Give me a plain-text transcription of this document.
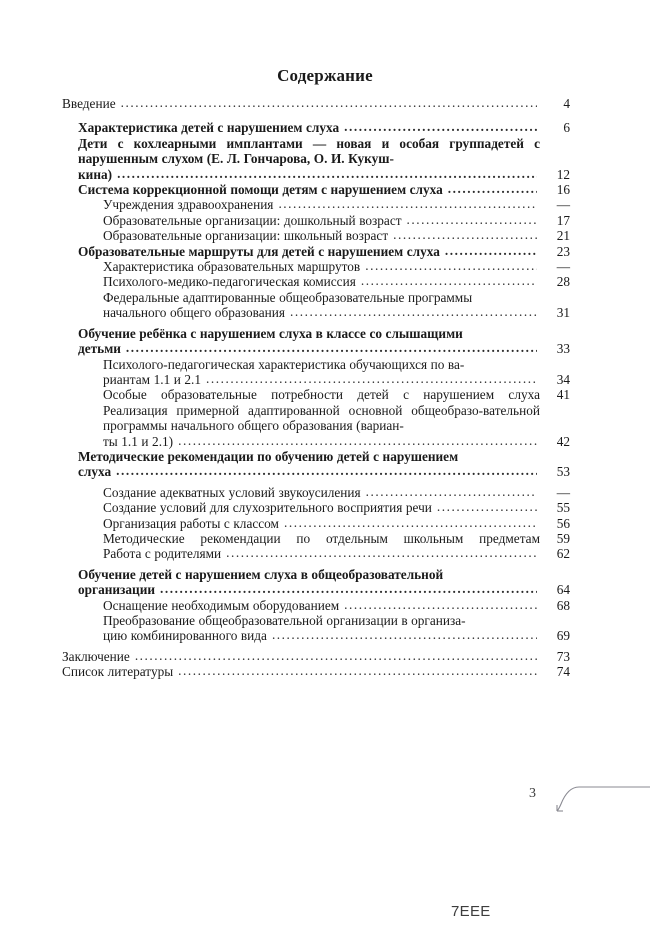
Содержание
Введение .....	4
Характеристика детей с нарушением слуха .....	6
Дети с кохлеарными имплантами — новая и особая группадетей с нарушенным слухом (Е. Л. Гончарова, О. И. Кукуш-
кина) .....	12
Система коррекционной помощи детям с нарушением слуха .....	16
Учреждения здравоохранения .....	—
Образовательные организации: дошкольный возраст .....	17
Образовательные организации: школьный возраст .....	21
Образовательные маршруты для детей с нарушением слуха .....	23
Характеристика образовательных маршрутов .....	—
Психолого-медико-педагогическая комиссия .....	28
Федеральные адаптированные общеобразовательные программы
начального общего образования .....	31
Обучение ребёнка с нарушением слуха в классе со слышащими
детьми .....	33
Психолого-педагогическая характеристика обучающихся по ва-
риантам 1.1 и 2.1 .....	34
Особые образовательные потребности детей с нарушением слуха	41
Реализация примерной адаптированной основной общеобразо-вательной программы начального общего образования (вариан-
ты 1.1 и 2.1) .....	42
Методические рекомендации по обучению детей с нарушением
слуха .....	53
Создание адекватных условий звукоусиления .....	—
Создание условий для слухозрительного восприятия речи .....	55
Организация работы с классом .....	56
Методические рекомендации по отдельным школьным предметам	59
Работа с родителями .....	62
Обучение детей с нарушением слуха в общеобразовательной
организации .....	64
Оснащение необходимым оборудованием .....	68
Преобразование общеобразовательной организации в организа-
цию комбинированного вида .....	69
Заключение .....	73
Список литературы .....	74
3
7EEE
